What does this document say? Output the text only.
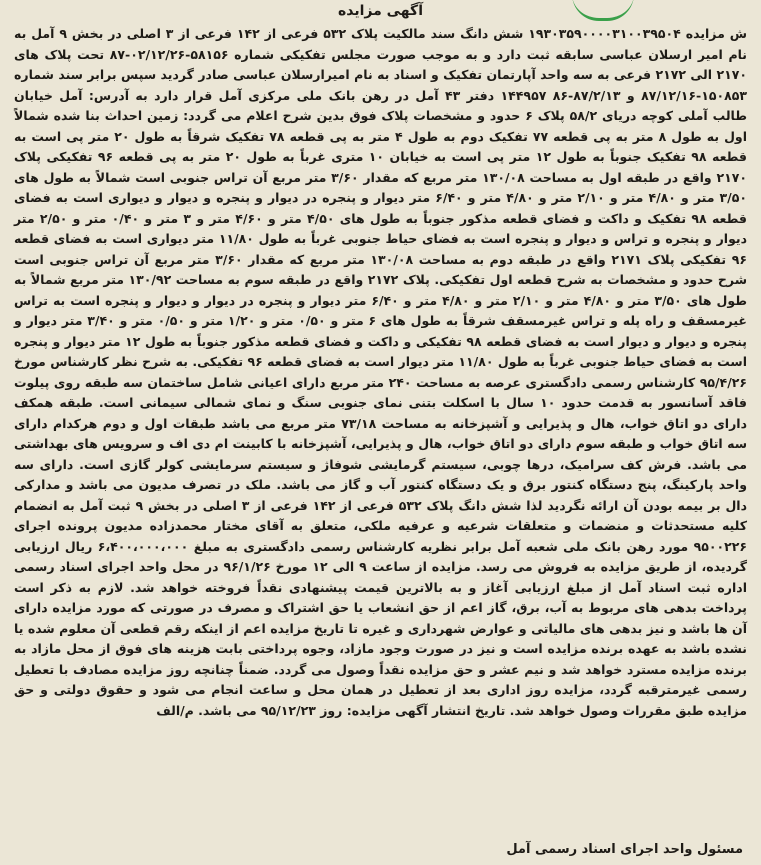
آگهی مزایده

ش مزایده ۱۹۳۰۳۵۹۰۰۰۰۳۱۰۰۳۹۵۰۴ شش دانگ سند مالکیت پلاک ۵۳۲ فرعی از ۱۴۲ فرعی از ۳ اصلی در بخش ۹ آمل به نام امیر ارسلان عباسی سابقه ثبت دارد و به موجب صورت مجلس تفکیکی شماره ۵۸۱۵۶-۰۲/۱۲/۲۶-۸۷ تحت پلاک های ۲۱۷۰ الی ۲۱۷۲ فرعی به سه واحد آپارتمان تفکیک و اسناد به نام امیرارسلان عباسی صادر گردید سپس برابر سند شماره ۱۵۰۸۵۳-۸۷/۱۲/۱۶ و ۸۷/۲/۱۳-۸۶ ۱۴۴۹۵۷ دفتر ۴۳ آمل در رهن بانک ملی مرکزی آمل قرار دارد به آدرس: آمل خیابان طالب آملی کوچه دریای ۵۸/۲ پلاک ۶ حدود و مشخصات پلاک فوق بدین شرح اعلام می گردد: زمین احداث بنا شده شمالاً اول به طول ۸ متر به پی قطعه ۷۷ تفکیک دوم به طول ۴ متر به پی قطعه ۷۸ تفکیک شرقاً به طول ۲۰ متر پی است به قطعه ۹۸ تفکیک جنوباً به طول ۱۲ متر پی است به خیابان ۱۰ متری غرباً به طول ۲۰ متر به پی قطعه ۹۶ تفکیکی پلاک ۲۱۷۰ واقع در طبقه اول به مساحت ۱۳۰/۰۸ متر مربع که مقدار ۳/۶۰ متر مربع آن تراس جنوبی است شمالاً به طول های ۳/۵۰ متر و ۴/۸۰ متر و ۲/۱۰ متر و ۴/۸۰ متر و ۶/۴۰ متر دیوار و پنجره در دیوار و پنجره و دیوار و دیواری است به فضای قطعه ۹۸ تفکیک و داکت و فضای قطعه مذکور جنوباً به طول های ۴/۵۰ متر و ۴/۶۰ متر و ۳ متر و ۰/۴۰ متر و ۲/۵۰ متر دیوار و پنجره و تراس و دیوار و پنجره است به فضای حیاط جنوبی غرباً به طول ۱۱/۸۰ متر دیواری است به فضای قطعه ۹۶ تفکیکی پلاک ۲۱۷۱ واقع در طبقه دوم به مساحت ۱۳۰/۰۸ متر مربع که مقدار ۳/۶۰ متر مربع آن تراس جنوبی است شرح حدود و مشخصات به شرح قطعه اول تفکیکی. پلاک ۲۱۷۲ واقع در طبقه سوم به مساحت ۱۳۰/۹۲ متر مربع شمالاً به طول های ۳/۵۰ متر و ۴/۸۰ متر و ۲/۱۰ متر و ۴/۸۰ متر و ۶/۴۰ متر دیوار و پنجره در دیوار و دیوار و پنجره است به تراس غیرمسقف و راه پله و تراس غیرمسقف شرقاً به طول های ۶ متر و ۰/۵۰ متر و ۱/۲۰ متر و ۰/۵۰ متر و ۳/۴۰ متر دیوار و پنجره و دیوار و دیوار است به فضای قطعه ۹۸ تفکیکی و داکت و فضای قطعه مذکور جنوباً به طول ۱۲ متر دیوار و پنجره است به فضای حیاط جنوبی غرباً به طول ۱۱/۸۰ متر دیوار است به فضای قطعه ۹۶ تفکیکی. به شرح نظر کارشناس مورخ ۹۵/۴/۲۶ کارشناس رسمی دادگستری عرصه به مساحت ۲۴۰ متر مربع دارای اعیانی شامل ساختمان سه طبقه روی پیلوت فاقد آسانسور به قدمت حدود ۱۰ سال با اسکلت بتنی نمای جنوبی سنگ و نمای شمالی سیمانی است. طبقه همکف دارای دو اتاق خواب، هال و پذیرایی و آشپزخانه به مساحت ۷۳/۱۸ متر مربع می باشد طبقات اول و دوم هرکدام دارای سه اتاق خواب و طبقه سوم دارای دو اتاق خواب، هال و پذیرایی، آشپزخانه با کابینت ام دی اف و سرویس های بهداشتی می باشد. فرش کف سرامیک، درها چوبی، سیستم گرمایشی شوفاژ و سیستم سرمایشی کولر گازی است. دارای سه واحد پارکینگ، پنج دستگاه کنتور برق و یک دستگاه کنتور آب و گاز می باشد. ملک در تصرف مدیون می باشد و مدارکی دال بر بیمه بودن آن ارائه نگردید لذا شش دانگ پلاک ۵۳۲ فرعی از ۱۴۲ فرعی از ۳ اصلی در بخش ۹ ثبت آمل به انضمام کلیه مستحدثات و منضمات و متعلقات شرعیه و عرفیه ملکی، متعلق به آقای مختار محمدزاده مدیون پرونده اجرای ۹۵۰۰۲۲۶ مورد رهن بانک ملی شعبه آمل برابر نظریه کارشناس رسمی دادگستری به مبلغ ۶،۴۰۰،۰۰۰،۰۰۰ ریال ارزیابی گردیده، از طریق مزایده به فروش می رسد. مزایده از ساعت ۹ الی ۱۲ مورخ ۹۶/۱/۲۶ در محل واحد اجرای اسناد رسمی اداره ثبت اسناد آمل از مبلغ ارزیابی آغاز و به بالاترین قیمت پیشنهادی نقداً فروخته خواهد شد. لازم به ذکر است پرداخت بدهی های مربوط به آب، برق، گاز اعم از حق انشعاب یا حق اشتراک و مصرف در صورتی که مورد مزایده دارای آن ها باشد و نیز بدهی های مالیاتی و عوارض شهرداری و غیره تا تاریخ مزایده اعم از اینکه رقم قطعی آن معلوم شده یا نشده باشد به عهده برنده مزایده است و نیز در صورت وجود مازاد، وجوه پرداختی بابت هزینه های فوق از محل مازاد به برنده مزایده مسترد خواهد شد و نیم عشر و حق مزایده نقداً وصول می گردد. ضمناً چنانچه روز مزایده مصادف با تعطیل رسمی غیرمترقبه گردد، مزایده روز اداری بعد از تعطیل در همان محل و ساعت انجام می شود و حقوق دولتی و حق مزایده طبق مقررات وصول خواهد شد. تاریخ انتشار آگهی مزایده: روز ۹۵/۱۲/۲۳ می باشد. م/الف

مسئول واحد اجرای اسناد رسمی آمل
